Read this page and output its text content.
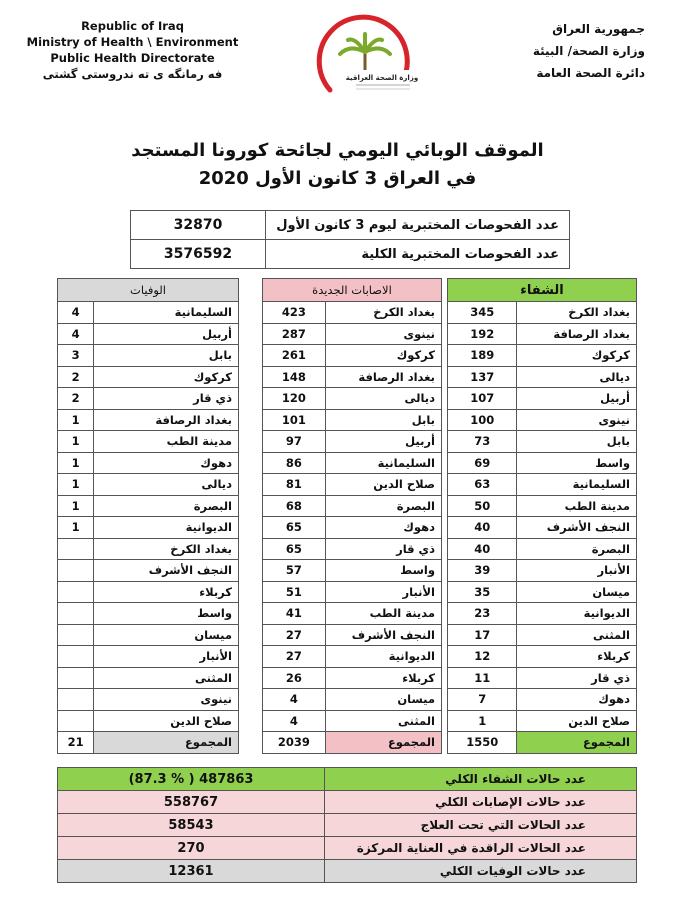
Republic of Iraq
Ministry of Health \ Environment
Public Health Directorate
فه رمانگه ى ته ندروستى گشتى	وزارة الصحة العراقية
جمهورية العراق
وزارة الصحة/ البيئة
دائرة الصحة العامة
الموقف الوبائي اليومي لجائحة كورونا المستجد
في العراق 3 كانون الأول 2020
32870	عدد الفحوصات المختبرية ليوم 3 كانون الأول
3576592	عدد الفحوصات المختبرية الكلية
الشفاء	
345	بغداد الكرخ
192	بغداد الرصافة
189	كركوك
137	ديالى
107	أربيل
100	نينوى
73	بابل
69	واسط
63	السليمانية
50	مدينة الطب
40	النجف الأشرف
40	البصرة
39	الأنبار
35	ميسان
23	الديوانية
17	المثنى
12	كربلاء
11	ذي قار
7	دهوك
1	صلاح الدين
1550	المجموع
الاصابات الجديدة	
423	بغداد الكرخ
287	نينوى
261	كركوك
148	بغداد الرصافة
120	ديالى
101	بابل
97	أربيل
86	السليمانية
81	صلاح الدين
68	البصرة
65	دهوك
65	ذي قار
57	واسط
51	الأنبار
41	مدينة الطب
27	النجف الأشرف
27	الديوانية
26	كربلاء
4	ميسان
4	المثنى
2039	المجموع
الوفيات	
4	السليمانية
4	أربيل
3	بابل
2	كركوك
2	ذي قار
1	بغداد الرصافة
1	مدينة الطب
1	دهوك
1	ديالى
1	البصرة
1	الديوانية
	بغداد الكرخ
	النجف الأشرف
	كربلاء
	واسط
	ميسان
	الأنبار
	المثنى
	نينوى
	صلاح الدين
21	المجموع
(87.3 % ) 487863	عدد حالات الشفاء الكلي
558767	عدد حالات الإصابات الكلي
58543	عدد الحالات التي تحت العلاج
270	عدد الحالات الراقدة في العناية المركزة
12361	عدد حالات الوفيات الكلي
